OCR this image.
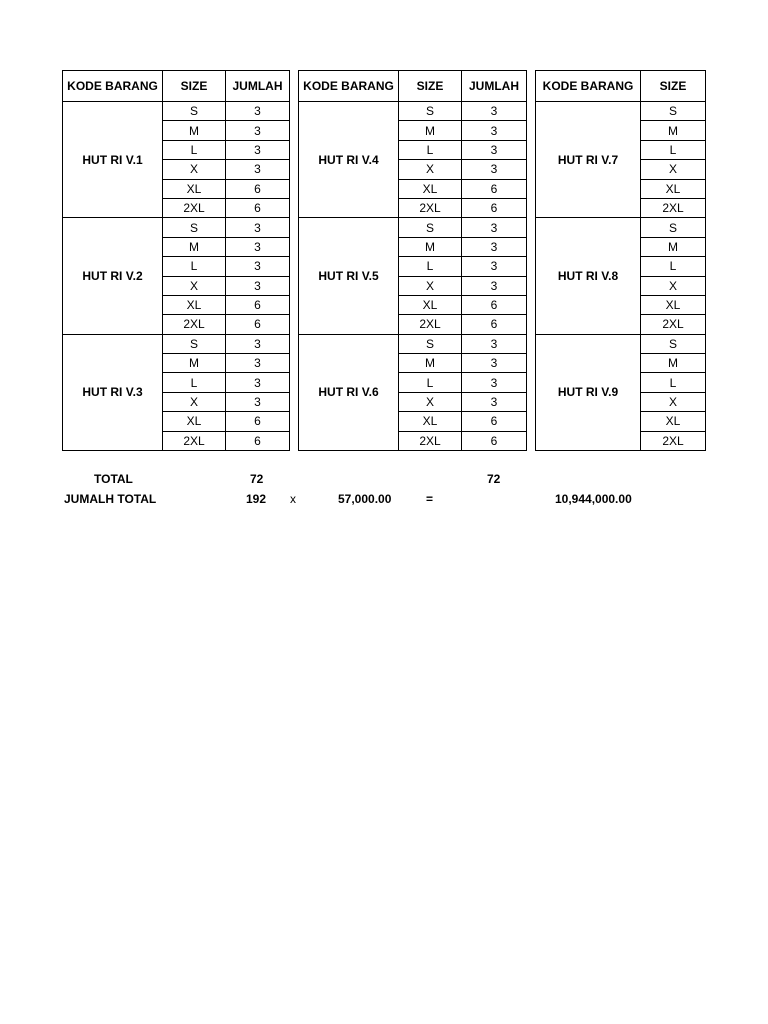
KODE BARANG	SIZE	JUMLAH
HUT RI V.1	S	3
	M	3
	L	3
	X	3
	XL	6
	2XL	6
HUT RI V.2	S	3
	M	3
	L	3
	X	3
	XL	6
	2XL	6
HUT RI V.3	S	3
	M	3
	L	3
	X	3
	XL	6
	2XL	6
KODE BARANG	SIZE	JUMLAH
HUT RI V.4	S	3
	M	3
	L	3
	X	3
	XL	6
	2XL	6
HUT RI V.5	S	3
	M	3
	L	3
	X	3
	XL	6
	2XL	6
HUT RI V.6	S	3
	M	3
	L	3
	X	3
	XL	6
	2XL	6
KODE BARANG	SIZE
HUT RI V.7	S
	M
	L
	X
	XL
	2XL
HUT RI V.8	S
	M
	L
	X
	XL
	2XL
HUT RI V.9	S
	M
	L
	X
	XL
	2XL
TOTAL	72	72
JUMALH TOTAL	192 x	57,000.00	=	10,944,000.00
